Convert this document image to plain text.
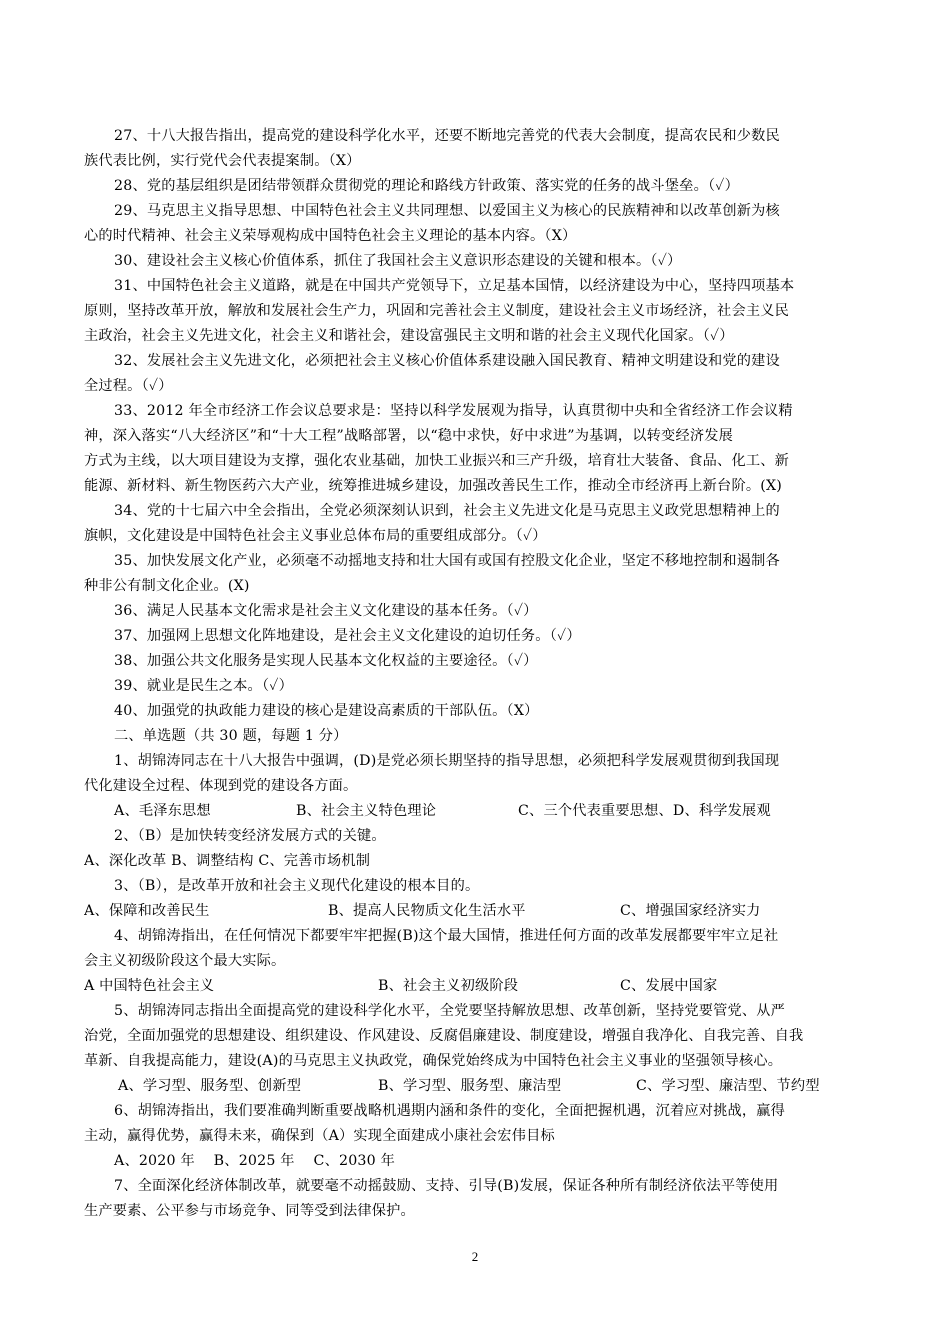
27、十八大报告指出，提高党的建设科学化水平，还要不断地完善党的代表大会制度，提高农民和少数民
族代表比例，实行党代会代表提案制。（X）
28、党的基层组织是团结带领群众贯彻党的理论和路线方针政策、落实党的任务的战斗堡垒。（✓）
29、马克思主义指导思想、中国特色社会主义共同理想、以爱国主义为核心的民族精神和以改革创新为核
心的时代精神、社会主义荣辱观构成中国特色社会主义理论的基本内容。（X）
30、建设社会主义核心价值体系，抓住了我国社会主义意识形态建设的关键和根本。（✓）
31、中国特色社会主义道路，就是在中国共产党领导下，立足基本国情，以经济建设为中心，坚持四项基本
原则，坚持改革开放，解放和发展社会生产力，巩固和完善社会主义制度，建设社会主义市场经济，社会主义民
主政治，社会主义先进文化，社会主义和谐社会，建设富强民主文明和谐的社会主义现代化国家。（✓）
32、发展社会主义先进文化，必须把社会主义核心价值体系建设融入国民教育、精神文明建设和党的建设
全过程。（✓）
33、2012 年全市经济工作会议总要求是：坚持以科学发展观为指导，认真贯彻中央和全省经济工作会议精
神，深入落实“八大经济区”和“十大工程”战略部署，以“稳中求快，好中求进”为基调，以转变经济发展
方式为主线，以大项目建设为支撑，强化农业基础，加快工业振兴和三产升级，培育壮大装备、食品、化工、新
能源、新材料、新生物医药六大产业，统筹推进城乡建设，加强改善民生工作，推动全市经济再上新台阶。(X)
34、党的十七届六中全会指出，全党必须深刻认识到，社会主义先进文化是马克思主义政党思想精神上的
旗帜，文化建设是中国特色社会主义事业总体布局的重要组成部分。（✓）
35、加快发展文化产业，必须毫不动摇地支持和壮大国有或国有控股文化企业，坚定不移地控制和遏制各
种非公有制文化企业。(X)
36、满足人民基本文化需求是社会主义文化建设的基本任务。（✓）
37、加强网上思想文化阵地建设，是社会主义文化建设的迫切任务。（✓）
38、加强公共文化服务是实现人民基本文化权益的主要途径。（✓）
39、就业是民生之本。（✓）
40、加强党的执政能力建设的核心是建设高素质的干部队伍。（X）
二、单选题（共 30 题，每题 1 分）
1、胡锦涛同志在十八大报告中强调，(D)是党必须长期坚持的指导思想，必须把科学发展观贯彻到我国现
代化建设全过程、体现到党的建设各方面。
A、毛泽东思想	B、社会主义特色理论	C、三个代表重要思想、D、科学发展观
2、（B）是加快转变经济发展方式的关键。
A、深化改革 B、调整结构 C、完善市场机制
3、（B），是改革开放和社会主义现代化建设的根本目的。
A、保障和改善民生	B、提高人民物质文化生活水平	C、增强国家经济实力
4、胡锦涛指出，在任何情况下都要牢牢把握(B)这个最大国情，推进任何方面的改革发展都要牢牢立足社
会主义初级阶段这个最大实际。
A 中国特色社会主义	B、社会主义初级阶段	C、发展中国家
5、胡锦涛同志指出全面提高党的建设科学化水平，全党要坚持解放思想、改革创新，坚持党要管党、从严
治党，全面加强党的思想建设、组织建设、作风建设、反腐倡廉建设、制度建设，增强自我净化、自我完善、自我
革新、自我提高能力，建设(A)的马克思主义执政党，确保党始终成为中国特色社会主义事业的坚强领导核心。
A、学习型、服务型、创新型	B、学习型、服务型、廉洁型	C、学习型、廉洁型、节约型
6、胡锦涛指出，我们要准确判断重要战略机遇期内涵和条件的变化，全面把握机遇，沉着应对挑战，赢得
主动，赢得优势，赢得未来，确保到（A）实现全面建成小康社会宏伟目标
A、2020 年    B、2025 年    C、2030 年
7、全面深化经济体制改革，就要毫不动摇鼓励、支持、引导(B)发展，保证各种所有制经济依法平等使用
生产要素、公平参与市场竞争、同等受到法律保护。
2
